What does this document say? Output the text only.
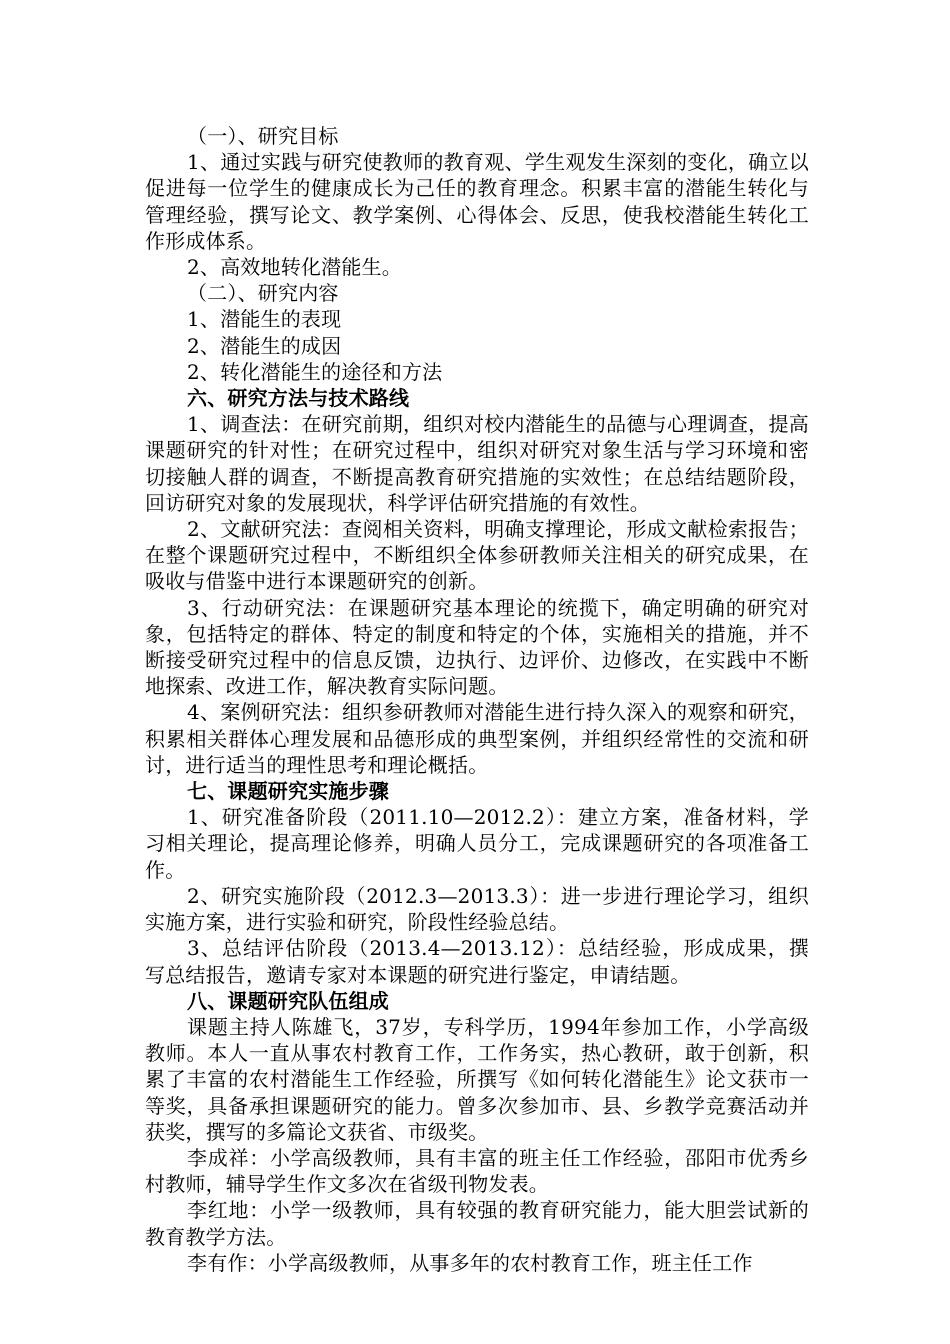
（一）、研究目标

1、通过实践与研究使教师的教育观、学生观发生深刻的变化，确立以促进每一位学生的健康成长为己任的教育理念。积累丰富的潜能生转化与管理经验，撰写论文、教学案例、心得体会、反思，使我校潜能生转化工作形成体系。

2、高效地转化潜能生。

（二）、研究内容

1、潜能生的表现

2、潜能生的成因

2、转化潜能生的途径和方法

六、研究方法与技术路线

1、调查法：在研究前期，组织对校内潜能生的品德与心理调查，提高课题研究的针对性；在研究过程中，组织对研究对象生活与学习环境和密切接触人群的调查，不断提高教育研究措施的实效性；在总结结题阶段，回访研究对象的发展现状，科学评估研究措施的有效性。

2、文献研究法：查阅相关资料，明确支撑理论，形成文献检索报告；在整个课题研究过程中，不断组织全体参研教师关注相关的研究成果，在吸收与借鉴中进行本课题研究的创新。

3、行动研究法：在课题研究基本理论的统揽下，确定明确的研究对象，包括特定的群体、特定的制度和特定的个体，实施相关的措施，并不断接受研究过程中的信息反馈，边执行、边评价、边修改，在实践中不断地探索、改进工作，解决教育实际问题。

4、案例研究法：组织参研教师对潜能生进行持久深入的观察和研究，积累相关群体心理发展和品德形成的典型案例，并组织经常性的交流和研讨，进行适当的理性思考和理论概括。

七、课题研究实施步骤

1、研究准备阶段（2011.10—2012.2）：建立方案，准备材料，学习相关理论，提高理论修养，明确人员分工，完成课题研究的各项准备工作。

2、研究实施阶段（2012.3—2013.3）：进一步进行理论学习，组织实施方案，进行实验和研究，阶段性经验总结。

3、总结评估阶段（2013.4—2013.12）：总结经验，形成成果，撰写总结报告，邀请专家对本课题的研究进行鉴定，申请结题。

八、课题研究队伍组成

课题主持人陈雄飞，37岁，专科学历，1994年参加工作，小学高级教师。本人一直从事农村教育工作，工作务实，热心教研，敢于创新，积累了丰富的农村潜能生工作经验，所撰写《如何转化潜能生》论文获市一等奖，具备承担课题研究的能力。曾多次参加市、县、乡教学竞赛活动并获奖，撰写的多篇论文获省、市级奖。

李成祥：小学高级教师，具有丰富的班主任工作经验，邵阳市优秀乡村教师，辅导学生作文多次在省级刊物发表。

李红地：小学一级教师，具有较强的教育研究能力，能大胆尝试新的教育教学方法。

李有作：小学高级教师，从事多年的农村教育工作，班主任工作
